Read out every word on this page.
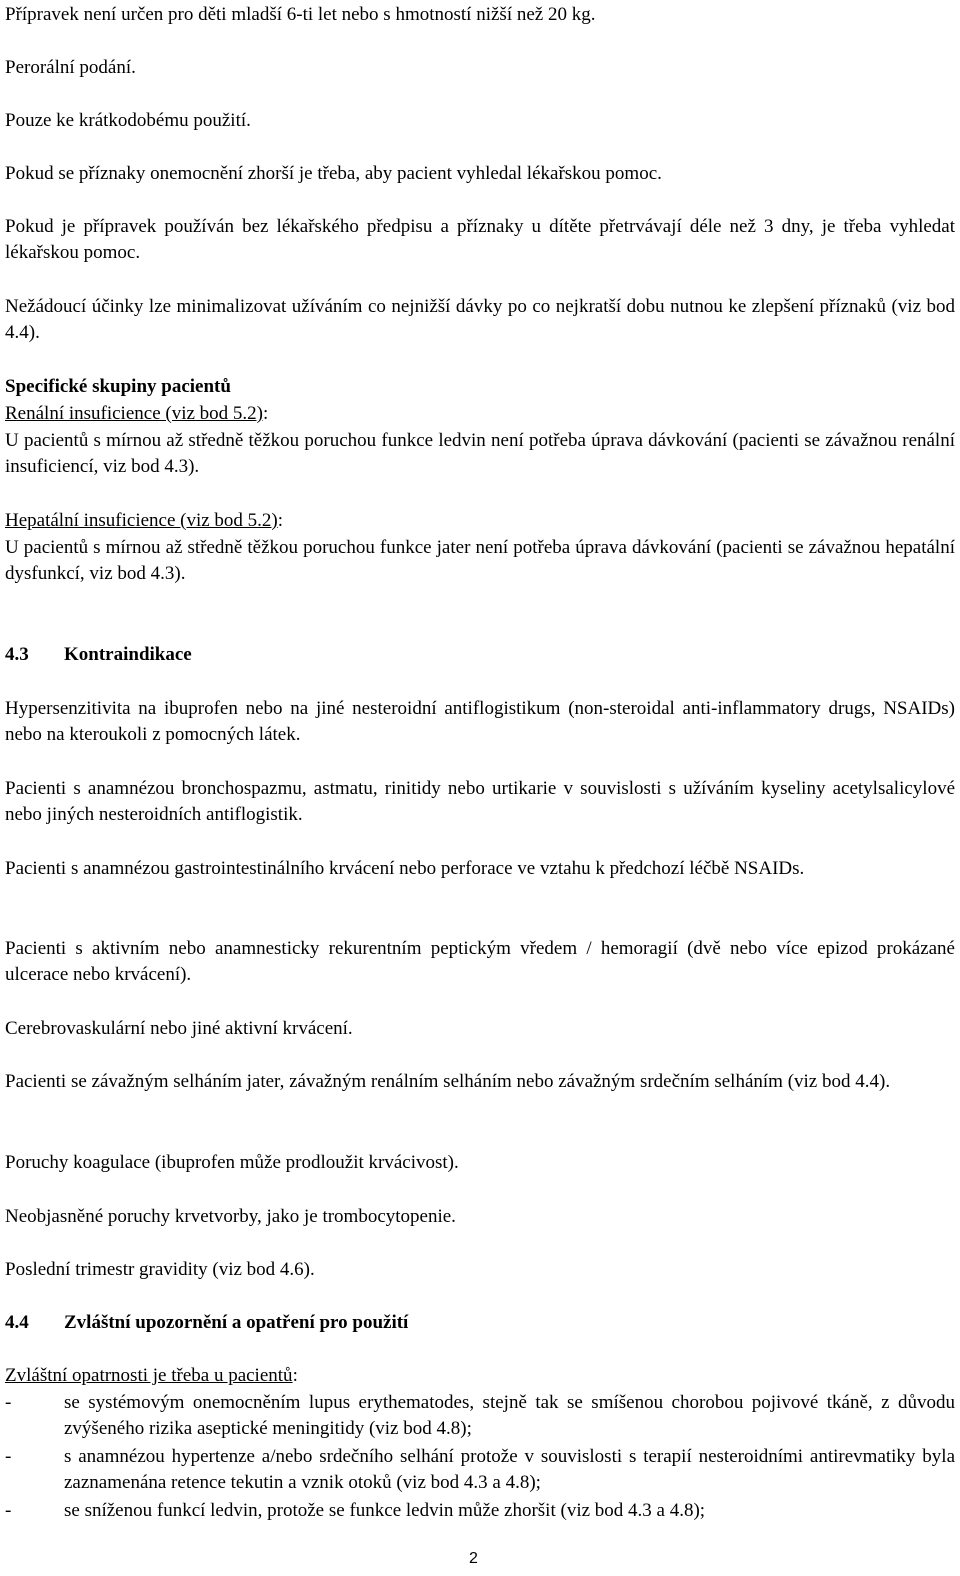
Přípravek není určen pro děti mladší 6-ti let nebo s hmotností nižší než 20 kg.

Perorální podání.

Pouze ke krátkodobému použití.

Pokud se příznaky onemocnění zhorší je třeba, aby pacient vyhledal lékařskou pomoc.

Pokud je přípravek používán bez lékařského předpisu a příznaky u dítěte přetrvávají déle než 3 dny, je třeba vyhledat lékařskou pomoc.

Nežádoucí účinky lze minimalizovat užíváním co nejnižší dávky po co nejkratší dobu nutnou ke zlepšení příznaků (viz bod 4.4).

Specifické skupiny pacientů

Renální insuficience (viz bod 5.2):

U pacientů s mírnou až středně těžkou poruchou funkce ledvin není potřeba úprava dávkování (pacienti se závažnou renální insuficiencí, viz bod 4.3).

Hepatální insuficience (viz bod 5.2):

U pacientů s mírnou až středně těžkou poruchou funkce jater není potřeba úprava dávkování (pacienti se závažnou hepatální dysfunkcí, viz bod 4.3).

4.3 Kontraindikace

Hypersenzitivita na ibuprofen nebo na jiné nesteroidní antiflogistikum (non-steroidal anti-inflammatory drugs, NSAIDs) nebo na kteroukoli z pomocných látek.

Pacienti s anamnézou bronchospazmu, astmatu, rinitidy nebo urtikarie v souvislosti s užíváním kyseliny acetylsalicylové nebo jiných nesteroidních antiflogistik.

Pacienti s anamnézou gastrointestinálního krvácení nebo perforace ve vztahu k předchozí léčbě NSAIDs.

Pacienti s aktivním nebo anamnesticky rekurentním peptickým vředem / hemoragií (dvě nebo více epizod prokázané ulcerace nebo krvácení).

Cerebrovaskulární nebo jiné aktivní krvácení.

Pacienti se závažným selháním jater, závažným renálním selháním nebo závažným srdečním selháním (viz bod 4.4).

Poruchy koagulace (ibuprofen může prodloužit krvácivost).

Neobjasněné poruchy krvetvorby, jako je trombocytopenie.

Poslední trimestr gravidity (viz bod 4.6).

4.4 Zvláštní upozornění a opatření pro použití

Zvláštní opatrnosti je třeba u pacientů:

-	se systémovým onemocněním lupus erythematodes, stejně tak se smíšenou chorobou pojivové tkáně, z důvodu zvýšeného rizika aseptické meningitidy (viz bod 4.8);

-	s anamnézou hypertenze a/nebo srdečního selhání protože v souvislosti s terapií nesteroidními antirevmatiky byla zaznamenána retence tekutin a vznik otoků (viz bod 4.3 a 4.8);

-	se sníženou funkcí ledvin, protože se funkce ledvin může zhoršit (viz bod 4.3 a 4.8);

2
